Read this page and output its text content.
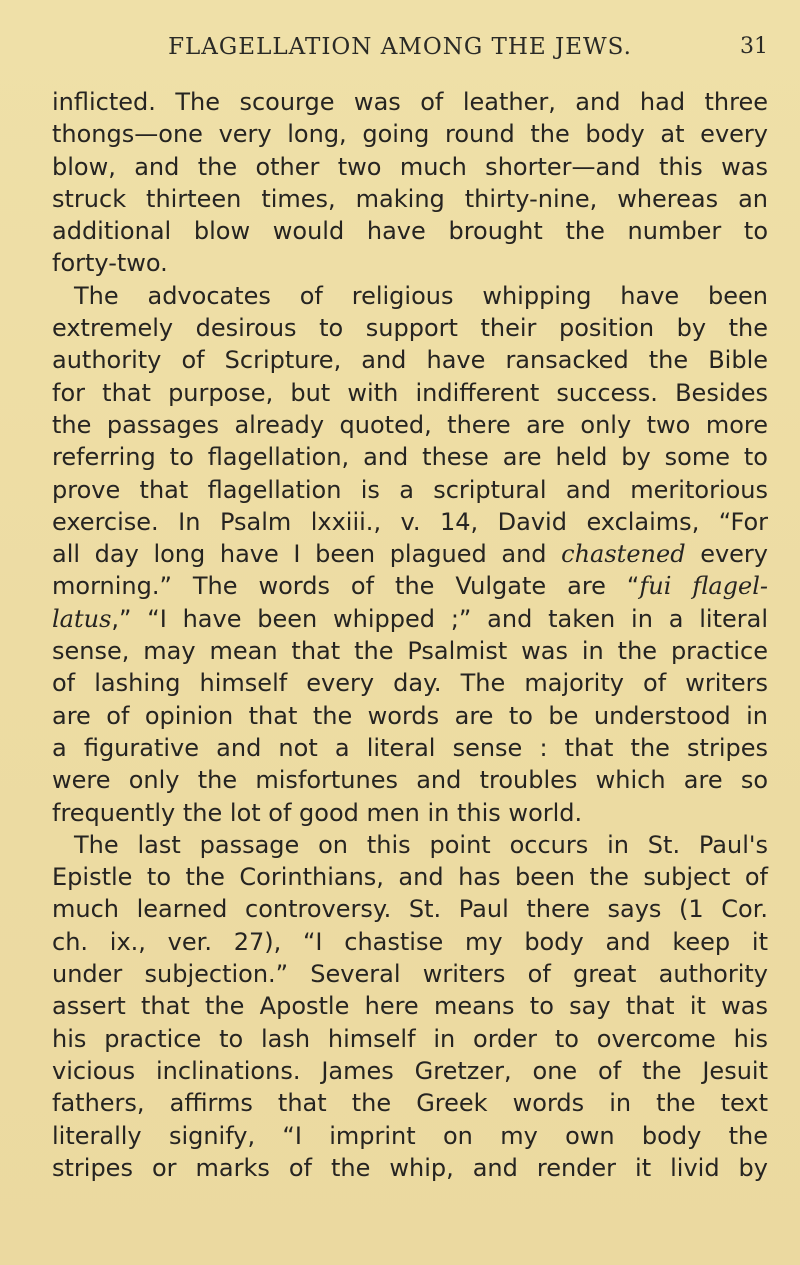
FLAGELLATION AMONG THE JEWS.	31
inflicted. The scourge was of leather, and had three
thongs—one very long, going round the body at every
blow, and the other two much shorter—and this was
struck thirteen times, making thirty-nine, whereas an
additional blow would have brought the number to
forty-two.
The advocates of religious whipping have been
extremely desirous to support their position by the
authority of Scripture, and have ransacked the Bible
for that purpose, but with indifferent success. Besides
the passages already quoted, there are only two more
referring to flagellation, and these are held by some to
prove that flagellation is a scriptural and meritorious
exercise. In Psalm lxxiii., v. 14, David exclaims, “For
all day long have I been plagued and chastened every
morning.” The words of the Vulgate are “fui flagel-
latus,” “I have been whipped ;” and taken in a literal
sense, may mean that the Psalmist was in the practice
of lashing himself every day. The majority of writers
are of opinion that the words are to be understood in
a figurative and not a literal sense : that the stripes
were only the misfortunes and troubles which are so
frequently the lot of good men in this world.
The last passage on this point occurs in St. Paul's
Epistle to the Corinthians, and has been the subject of
much learned controversy. St. Paul there says (1 Cor.
ch. ix., ver. 27), “I chastise my body and keep it
under subjection.” Several writers of great authority
assert that the Apostle here means to say that it was
his practice to lash himself in order to overcome his
vicious inclinations. James Gretzer, one of the Jesuit
fathers, affirms that the Greek words in the text
literally signify, “I imprint on my own body the
stripes or marks of the whip, and render it livid by
